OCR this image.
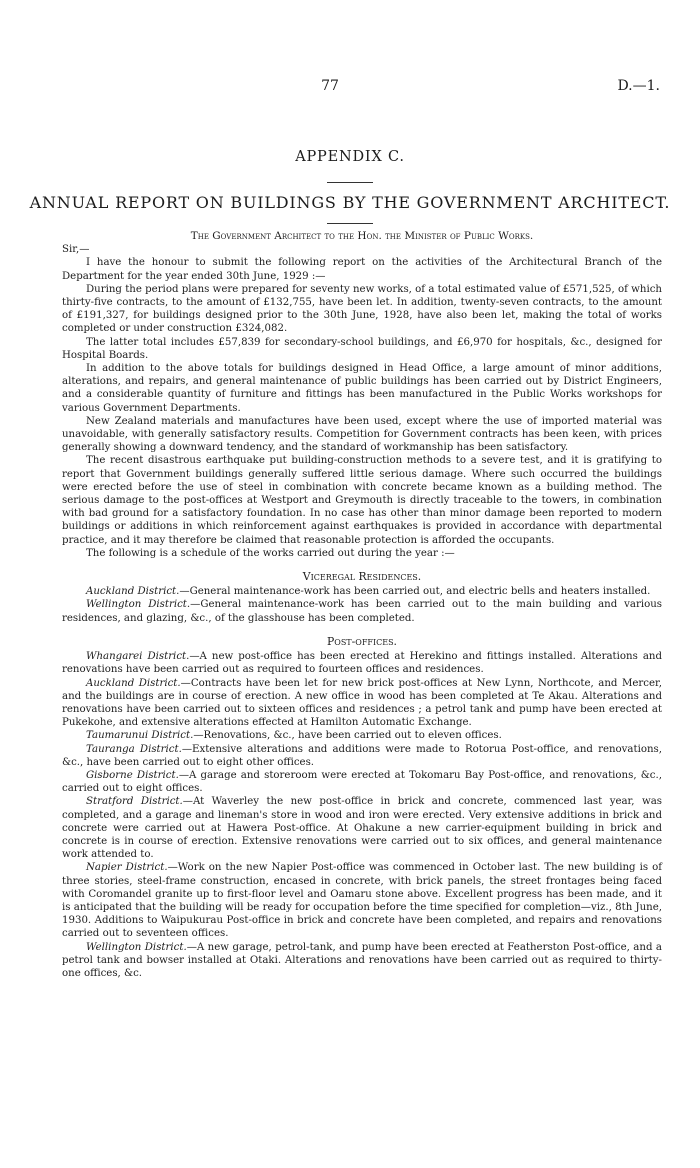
77	D.—1.
APPENDIX C.
ANNUAL REPORT ON BUILDINGS BY THE GOVERNMENT ARCHITECT.

The Government Architect to the Hon. the Minister of Public Works.

Sir,—

I have the honour to submit the following report on the activities of the Architectural Branch of the Department for the year ended 30th June, 1929 :—

During the period plans were prepared for seventy new works, of a total estimated value of £571,525, of which thirty-five contracts, to the amount of £132,755, have been let. In addition, twenty-seven contracts, to the amount of £191,327, for buildings designed prior to the 30th June, 1928, have also been let, making the total of works completed or under construction £324,082.

The latter total includes £57,839 for secondary-school buildings, and £6,970 for hospitals, &c., designed for Hospital Boards.

In addition to the above totals for buildings designed in Head Office, a large amount of minor additions, alterations, and repairs, and general maintenance of public buildings has been carried out by District Engineers, and a considerable quantity of furniture and fittings has been manufactured in the Public Works workshops for various Government Departments.

New Zealand materials and manufactures have been used, except where the use of imported material was unavoidable, with generally satisfactory results. Competition for Government contracts has been keen, with prices generally showing a downward tendency, and the standard of workmanship has been satisfactory.

The recent disastrous earthquake put building-construction methods to a severe test, and it is gratifying to report that Government buildings generally suffered little serious damage. Where such occurred the buildings were erected before the use of steel in combination with concrete became known as a building method. The serious damage to the post-offices at Westport and Greymouth is directly traceable to the towers, in combination with bad ground for a satisfactory foundation. In no case has other than minor damage been reported to modern buildings or additions in which reinforcement against earthquakes is provided in accordance with departmental practice, and it may therefore be claimed that reasonable protection is afforded the occupants.

The following is a schedule of the works carried out during the year :—

Viceregal Residences.

Auckland District.—General maintenance-work has been carried out, and electric bells and heaters installed.

Wellington District.—General maintenance-work has been carried out to the main building and various residences, and glazing, &c., of the glasshouse has been completed.

Post-offices.

Whangarei District.—A new post-office has been erected at Herekino and fittings installed. Alterations and renovations have been carried out as required to fourteen offices and residences.

Auckland District.—Contracts have been let for new brick post-offices at New Lynn, Northcote, and Mercer, and the buildings are in course of erection. A new office in wood has been completed at Te Akau. Alterations and renovations have been carried out to sixteen offices and residences ; a petrol tank and pump have been erected at Pukekohe, and extensive alterations effected at Hamilton Automatic Exchange.

Taumarunui District.—Renovations, &c., have been carried out to eleven offices.

Tauranga District.—Extensive alterations and additions were made to Rotorua Post-office, and renovations, &c., have been carried out to eight other offices.

Gisborne District.—A garage and storeroom were erected at Tokomaru Bay Post-office, and renovations, &c., carried out to eight offices.

Stratford District.—At Waverley the new post-office in brick and concrete, commenced last year, was completed, and a garage and lineman's store in wood and iron were erected. Very extensive additions in brick and concrete were carried out at Hawera Post-office. At Ohakune a new carrier-equipment building in brick and concrete is in course of erection. Extensive renovations were carried out to six offices, and general maintenance work attended to.

Napier District.—Work on the new Napier Post-office was commenced in October last. The new building is of three stories, steel-frame construction, encased in concrete, with brick panels, the street frontages being faced with Coromandel granite up to first-floor level and Oamaru stone above. Excellent progress has been made, and it is anticipated that the building will be ready for occupation before the time specified for completion—viz., 8th June, 1930. Additions to Waipukurau Post-office in brick and concrete have been completed, and repairs and renovations carried out to seventeen offices.

Wellington District.—A new garage, petrol-tank, and pump have been erected at Featherston Post-office, and a petrol tank and bowser installed at Otaki. Alterations and renovations have been carried out as required to thirty-one offices, &c.
